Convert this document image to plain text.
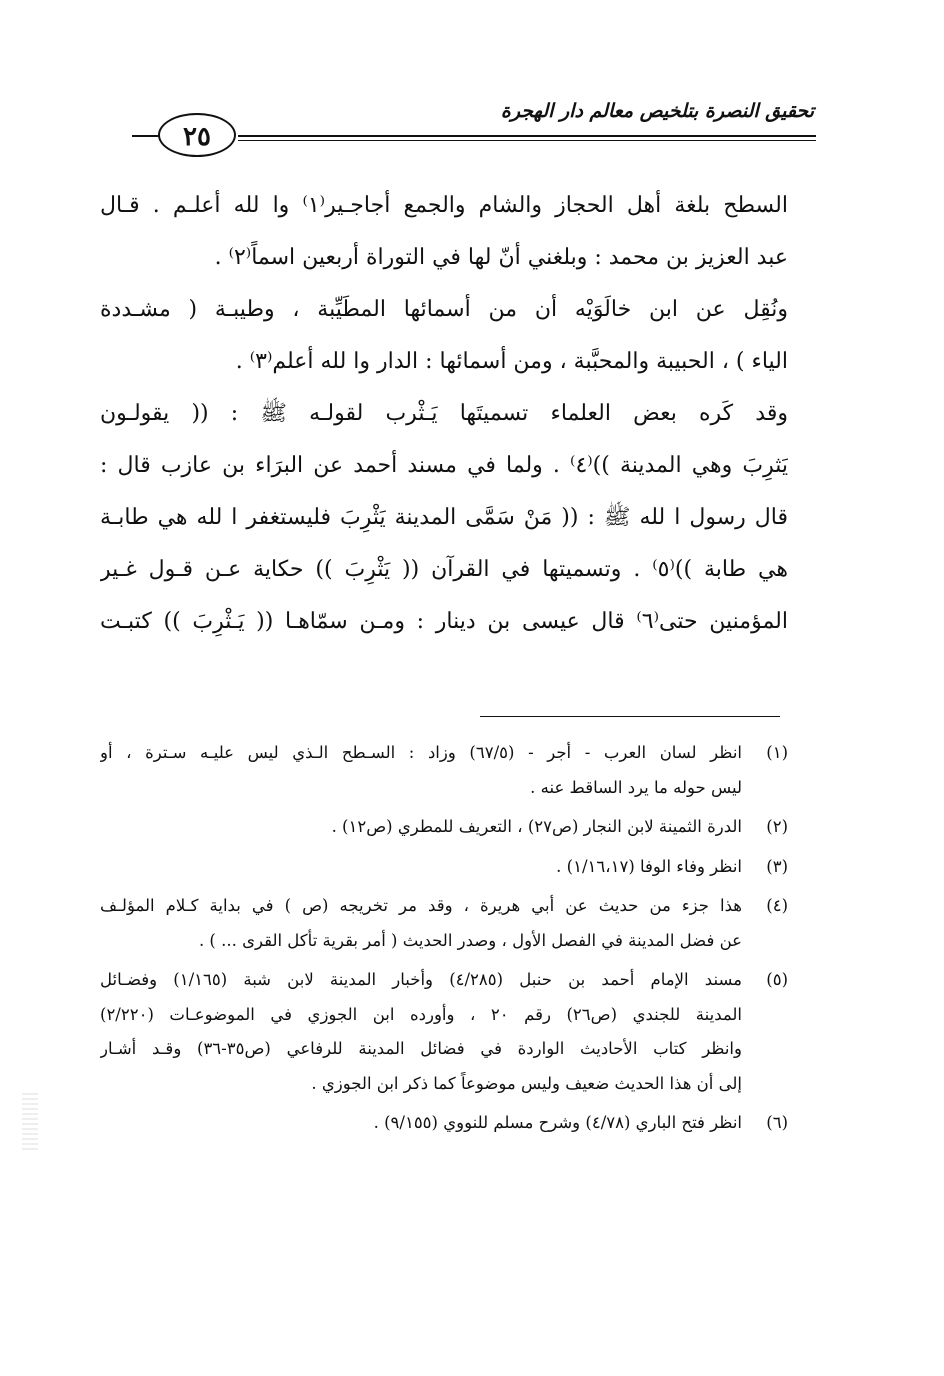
تحقيق النصرة بتلخيص معالم دار الهجرة
٢٥
السطح بلغة أهل الحجاز والشام والجمع أجاجـير⁽١⁾ وا لله أعلـم . قـال
عبد العزيز بن محمد : وبلغني أنّ لها في التوراة أربعين اسماً⁽٢⁾ .
ونُقِل عن ابن خالَوَيْه أن من أسمائها المطَيِّبة ، وطيبـة ( مشـددة
الياء ) ، الحبيبة والمحبَّبة ، ومن أسمائها : الدار وا لله أعلم⁽٣⁾ .
وقد كَره بعض العلماء تسميتَها يَـثْرب لقولـه ﷺ : (( يقولـون
يَثرِبَ وهي المدينة ))⁽٤⁾ . ولما في مسند أحمد عن البرَاء بن عازب قال :
قال رسول ا لله ﷺ : (( مَنْ سَمَّى المدينة يَثْرِبَ فليستغفر ا لله هي طابـة
هي طابة ))⁽٥⁾ . وتسميتها في القرآن (( يَثْرِبَ )) حكاية عـن قـول غـير
المؤمنين حتى⁽٦⁾ قال عيسى بن دينار : ومـن سمّاهـا (( يَـثْرِبَ )) كتبـت
(١)
انظر لسان العرب - أجر - (٦٧/٥) وزاد : السـطح الـذي ليس عليـه سـترة ، أو
ليس حوله ما يرد الساقط عنه .
(٢)
الدرة الثمينة لابن النجار (ص٢٧) ، التعريف للمطري (ص١٢) .
(٣)
انظر وفاء الوفا (١/١٦،١٧) .
(٤)
هذا جزء من حديث عن أبي هريرة ، وقد مر تخريجه (ص ) في بداية كـلام المؤلـف
عن فضل المدينة في الفصل الأول ، وصدر الحديث ( أمر بقرية تأكل القرى ... ) .
(٥)
مسند الإمام أحمد بن حنبل (٤/٢٨٥) وأخبار المدينة لابن شبة (١/١٦٥) وفضـائل
المدينة للجندي (ص٢٦) رقم ٢٠ ، وأورده ابن الجوزي في الموضوعـات (٢/٢٢٠)
وانظر كتاب الأحاديث الواردة في فضائل المدينة للرفاعي (ص٣٥-٣٦) وقـد أشـار
إلى أن هذا الحديث ضعيف وليس موضوعاً كما ذكر ابن الجوزي .
(٦)
انظر فتح الباري (٤/٧٨) وشرح مسلم للنووي (٩/١٥٥) .
